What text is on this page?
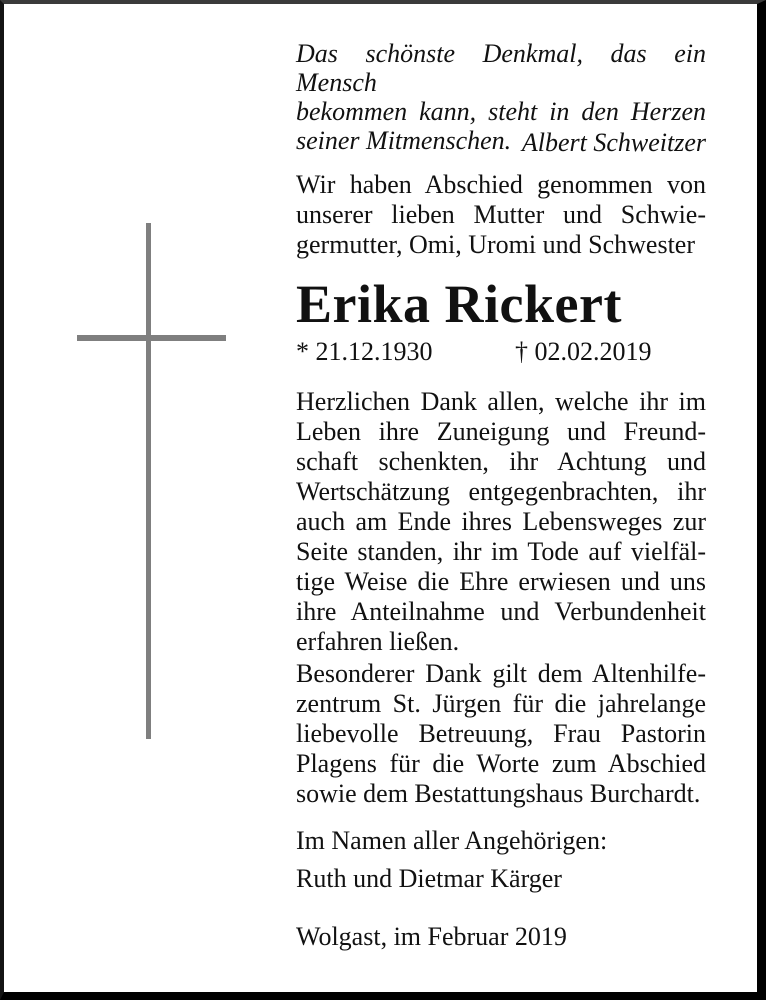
Das schönste Denkmal, das ein Mensch
bekommen kann, steht in den Herzen
seiner Mitmenschen. Albert Schweitzer
Wir haben Abschied genommen von
unserer lieben Mutter und Schwie-
germutter, Omi, Uromi und Schwester
Erika Rickert
* 21.12.1930	† 02.02.2019
Herzlichen Dank allen, welche ihr im
Leben ihre Zuneigung und Freund-
schaft schenkten, ihr Achtung und
Wertschätzung entgegenbrachten, ihr
auch am Ende ihres Lebensweges zur
Seite standen, ihr im Tode auf vielfäl-
tige Weise die Ehre erwiesen und uns
ihre Anteilnahme und Verbundenheit
erfahren ließen.
Besonderer Dank gilt dem Altenhilfe-
zentrum St. Jürgen für die jahrelange
liebevolle Betreuung, Frau Pastorin
Plagens für die Worte zum Abschied
sowie dem Bestattungshaus Burchardt.
Im Namen aller Angehörigen:
Ruth und Dietmar Kärger
Wolgast, im Februar 2019
